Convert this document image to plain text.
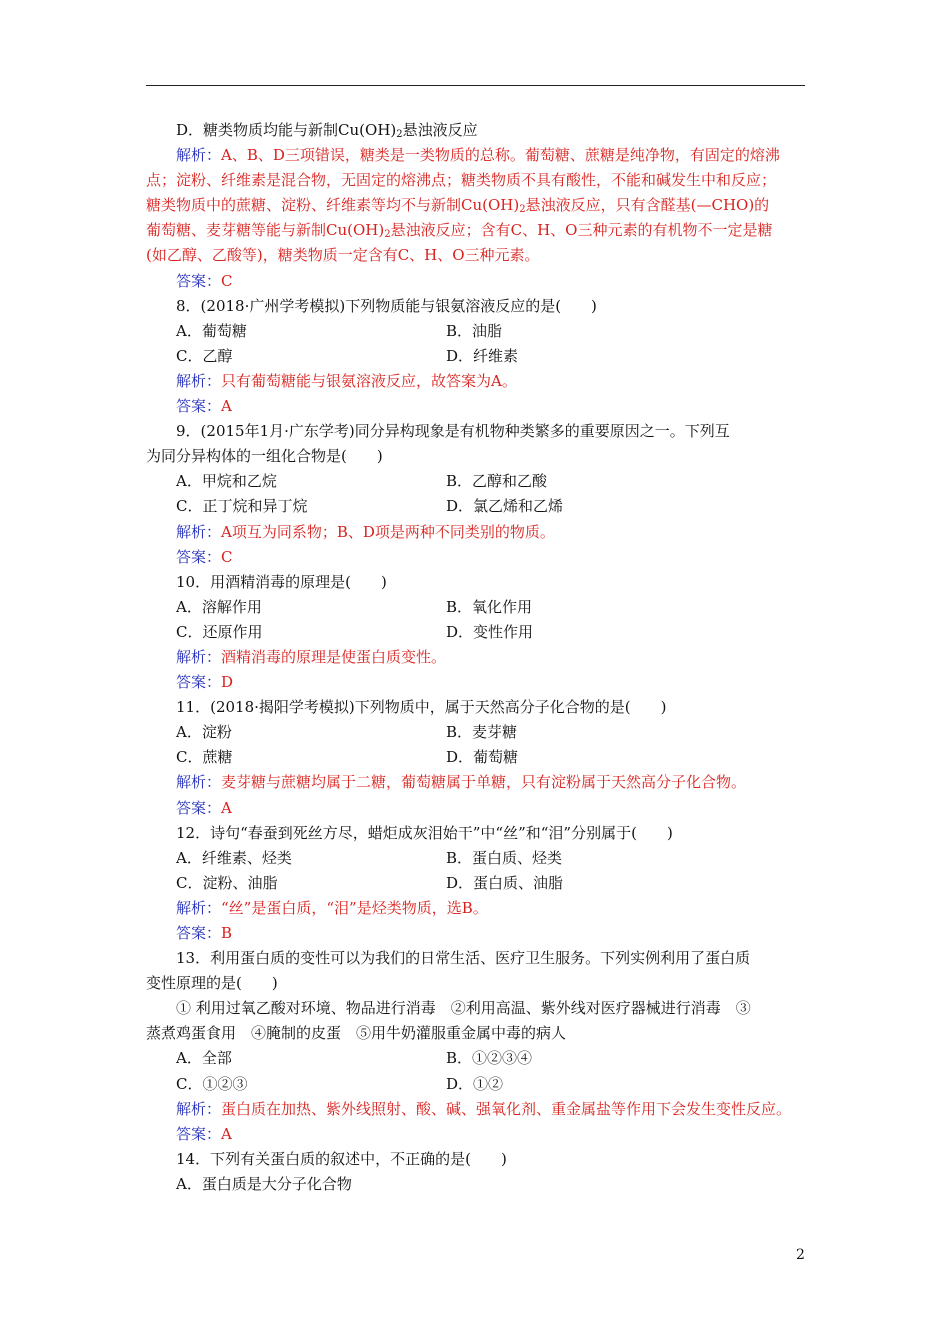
D．糖类物质均能与新制$Cu(OH)_2$悬浊液反应
解析：A、B、D三项错误，糖类是一类物质的总称。葡萄糖、蔗糖是纯净物，有固定的熔沸
点；淀粉、纤维素是混合物，无固定的熔沸点；糖类物质不具有酸性，不能和碱发生中和反应；
糖类物质中的蔗糖、淀粉、纤维素等均不与新制$Cu(OH)_2$悬浊液反应，只有含醛基(—CHO)的
葡萄糖、麦芽糖等能与新制$Cu(OH)_2$悬浊液反应；含有C、H、O三种元素的有机物不一定是糖
(如乙醇、乙酸等)，糖类物质一定含有C、H、O三种元素。
答案：C
8．(2018·广州学考模拟)下列物质能与银氨溶液反应的是(　　)
A．葡萄糖	B．油脂
C．乙醇	D．纤维素
解析：只有葡萄糖能与银氨溶液反应，故答案为A。
答案：A
9．(2015年1月·广东学考)同分异构现象是有机物种类繁多的重要原因之一。下列互
为同分异构体的一组化合物是(　　)
A．甲烷和乙烷	B．乙醇和乙酸
C．正丁烷和异丁烷	D．氯乙烯和乙烯
解析：A项互为同系物；B、D项是两种不同类别的物质。
答案：C
10．用酒精消毒的原理是(　　)
A．溶解作用	B．氧化作用
C．还原作用	D．变性作用
解析：酒精消毒的原理是使蛋白质变性。
答案：D
11．(2018·揭阳学考模拟)下列物质中，属于天然高分子化合物的是(　　)
A．淀粉	B．麦芽糖
C．蔗糖	D．葡萄糖
解析：麦芽糖与蔗糖均属于二糖，葡萄糖属于单糖，只有淀粉属于天然高分子化合物。
答案：A
12．诗句“春蚕到死丝方尽，蜡炬成灰泪始干”中“丝”和“泪”分别属于(　　)
A．纤维素、烃类	B．蛋白质、烃类
C．淀粉、油脂	D．蛋白质、油脂
解析：“丝”是蛋白质，“泪”是烃类物质，选B。
答案：B
13．利用蛋白质的变性可以为我们的日常生活、医疗卫生服务。下列实例利用了蛋白质
变性原理的是(　　)
① 利用过氧乙酸对环境、物品进行消毒　②利用高温、紫外线对医疗器械进行消毒　③
蒸煮鸡蛋食用　④腌制的皮蛋　⑤用牛奶灌服重金属中毒的病人
A．全部	B．①②③④
C．①②③	D．①②
解析：蛋白质在加热、紫外线照射、酸、碱、强氧化剂、重金属盐等作用下会发生变性反应。
答案：A
14．下列有关蛋白质的叙述中，不正确的是(　　)
A．蛋白质是大分子化合物
2
